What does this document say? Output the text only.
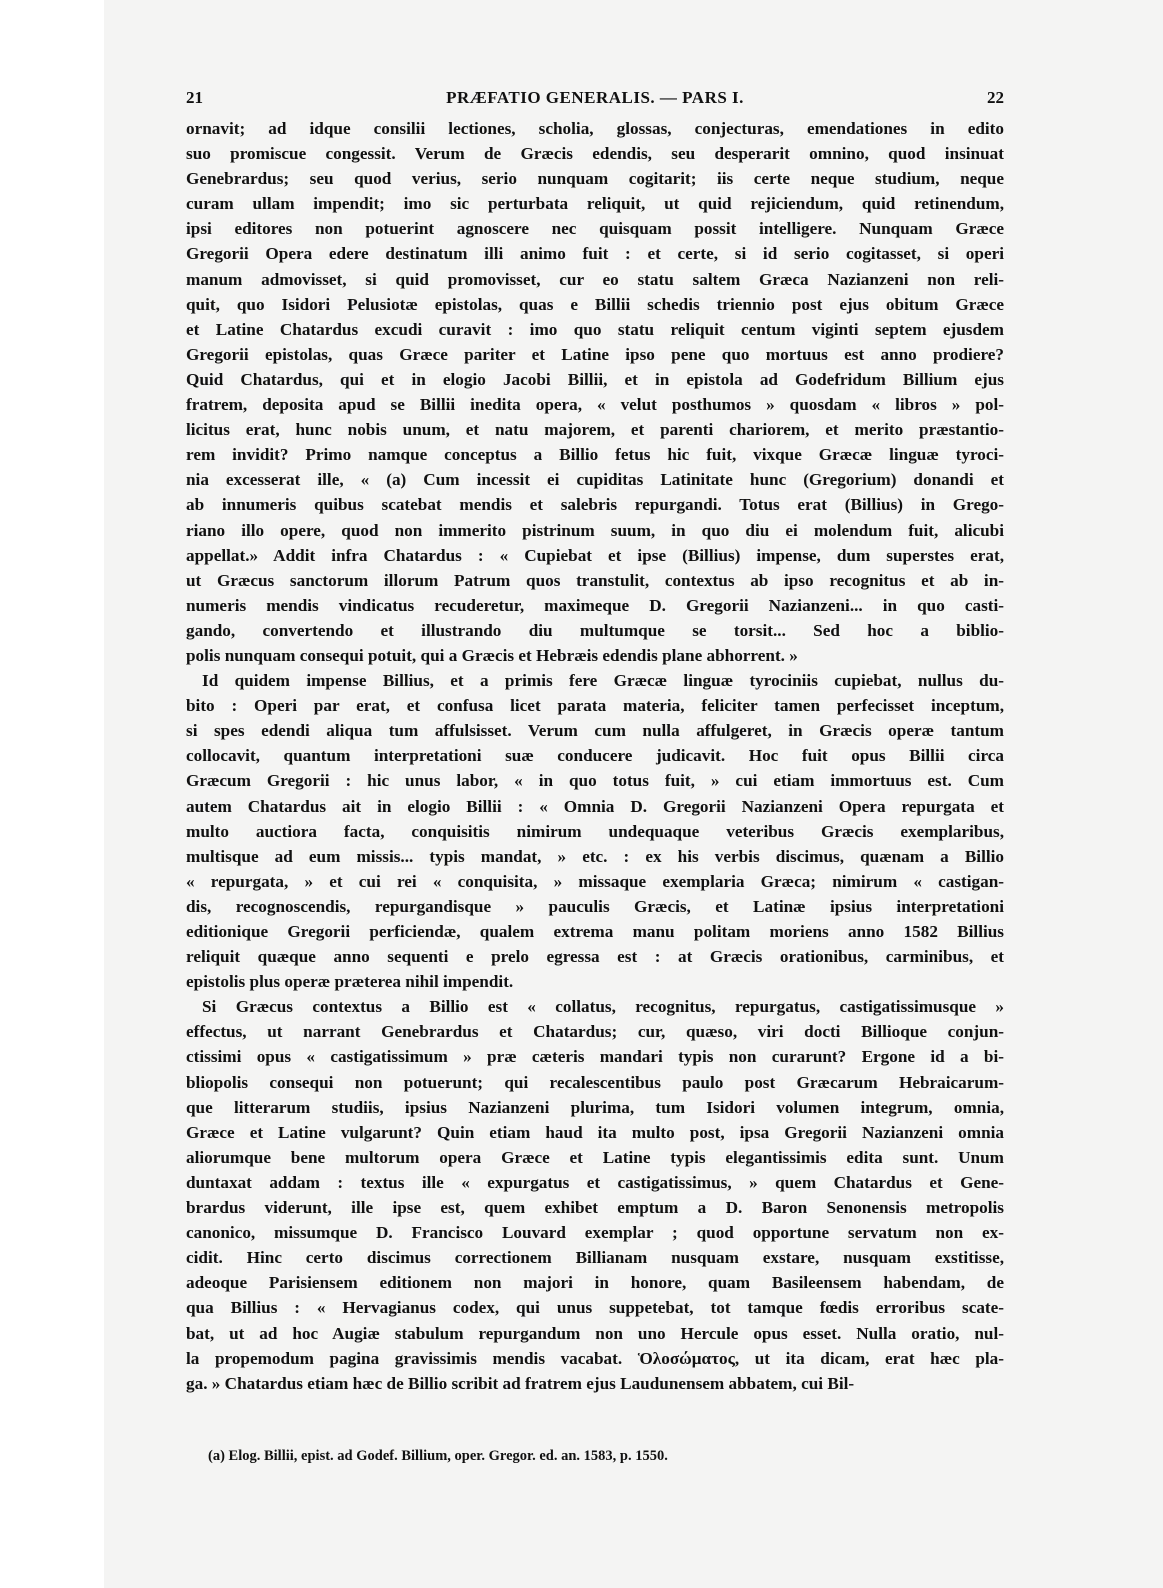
21	PRÆFATIO GENERALIS. — PARS I.	22
ornavit; ad idque consilii lectiones, scholia, glossas, conjecturas, emendationes in edito
suo promiscue congessit. Verum de Græcis edendis, seu desperarit omnino, quod insinuat
Genebrardus; seu quod verius, serio nunquam cogitarit; iis certe neque studium, neque
curam ullam impendit; imo sic perturbata reliquit, ut quid rejiciendum, quid retinendum,
ipsi editores non potuerint agnoscere nec quisquam possit intelligere. Nunquam Græce
Gregorii Opera edere destinatum illi animo fuit : et certe, si id serio cogitasset, si operi
manum admovisset, si quid promovisset, cur eo statu saltem Græca Nazianzeni non reli-
quit, quo Isidori Pelusiotæ epistolas, quas e Billii schedis triennio post ejus obitum Græce
et Latine Chatardus excudi curavit : imo quo statu reliquit centum viginti septem ejusdem
Gregorii epistolas, quas Græce pariter et Latine ipso pene quo mortuus est anno prodiere?
Quid Chatardus, qui et in elogio Jacobi Billii, et in epistola ad Godefridum Billium ejus
fratrem, deposita apud se Billii inedita opera, « velut posthumos » quosdam « libros » pol-
licitus erat, hunc nobis unum, et natu majorem, et parenti chariorem, et merito præstantio-
rem invidit? Primo namque conceptus a Billio fetus hic fuit, vixque Græcæ linguæ tyroci-
nia excesserat ille, « (a) Cum incessit ei cupiditas Latinitate hunc (Gregorium) donandi et
ab innumeris quibus scatebat mendis et salebris repurgandi. Totus erat (Billius) in Grego-
riano illo opere, quod non immerito pistrinum suum, in quo diu ei molendum fuit, alicubi
appellat.» Addit infra Chatardus : « Cupiebat et ipse (Billius) impense, dum superstes erat,
ut Græcus sanctorum illorum Patrum quos transtulit, contextus ab ipso recognitus et ab in-
numeris mendis vindicatus recuderetur, maximeque D. Gregorii Nazianzeni... in quo casti-
gando, convertendo et illustrando diu multumque se torsit... Sed hoc a biblio-
polis nunquam consequi potuit, qui a Græcis et Hebræis edendis plane abhorrent. »
Id quidem impense Billius, et a primis fere Græcæ linguæ tyrociniis cupiebat, nullus du-
bito : Operi par erat, et confusa licet parata materia, feliciter tamen perfecisset inceptum,
si spes edendi aliqua tum affulsisset. Verum cum nulla affulgeret, in Græcis operæ tantum
collocavit, quantum interpretationi suæ conducere judicavit. Hoc fuit opus Billii circa
Græcum Gregorii : hic unus labor, « in quo totus fuit, » cui etiam immortuus est. Cum
autem Chatardus ait in elogio Billii : « Omnia D. Gregorii Nazianzeni Opera repurgata et
multo auctiora facta, conquisitis nimirum undequaque veteribus Græcis exemplaribus,
multisque ad eum missis... typis mandat, » etc. : ex his verbis discimus, quænam a Billio
« repurgata, » et cui rei « conquisita, » missaque exemplaria Græca; nimirum « castigan-
dis, recognoscendis, repurgandisque » pauculis Græcis, et Latinæ ipsius interpretationi
editionique Gregorii perficiendæ, qualem extrema manu politam moriens anno 1582 Billius
reliquit quæque anno sequenti e prelo egressa est : at Græcis orationibus, carminibus, et
epistolis plus operæ præterea nihil impendit.
Si Græcus contextus a Billio est « collatus, recognitus, repurgatus, castigatissimusque »
effectus, ut narrant Genebrardus et Chatardus; cur, quæso, viri docti Billioque conjun-
ctissimi opus « castigatissimum » præ cæteris mandari typis non curarunt? Ergone id a bi-
bliopolis consequi non potuerunt; qui recalescentibus paulo post Græcarum Hebraicarum-
que litterarum studiis, ipsius Nazianzeni plurima, tum Isidori volumen integrum, omnia,
Græce et Latine vulgarunt? Quin etiam haud ita multo post, ipsa Gregorii Nazianzeni omnia
aliorumque bene multorum opera Græce et Latine typis elegantissimis edita sunt. Unum
duntaxat addam : textus ille « expurgatus et castigatissimus, » quem Chatardus et Gene-
brardus viderunt, ille ipse est, quem exhibet emptum a D. Baron Senonensis metropolis
canonico, missumque D. Francisco Louvard exemplar ; quod opportune servatum non ex-
cidit. Hinc certo discimus correctionem Billianam nusquam exstare, nusquam exstitisse,
adeoque Parisiensem editionem non majori in honore, quam Basileensem habendam, de
qua Billius : « Hervagianus codex, qui unus suppetebat, tot tamque fœdis erroribus scate-
bat, ut ad hoc Augiæ stabulum repurgandum non uno Hercule opus esset. Nulla oratio, nul-
la propemodum pagina gravissimis mendis vacabat. Ὁλοσώματος, ut ita dicam, erat hæc pla-
ga. » Chatardus etiam hæc de Billio scribit ad fratrem ejus Laudunensem abbatem, cui Bil-
(a) Elog. Billii, epist. ad Godef. Billium, oper. Gregor. ed. an. 1583, p. 1550.
